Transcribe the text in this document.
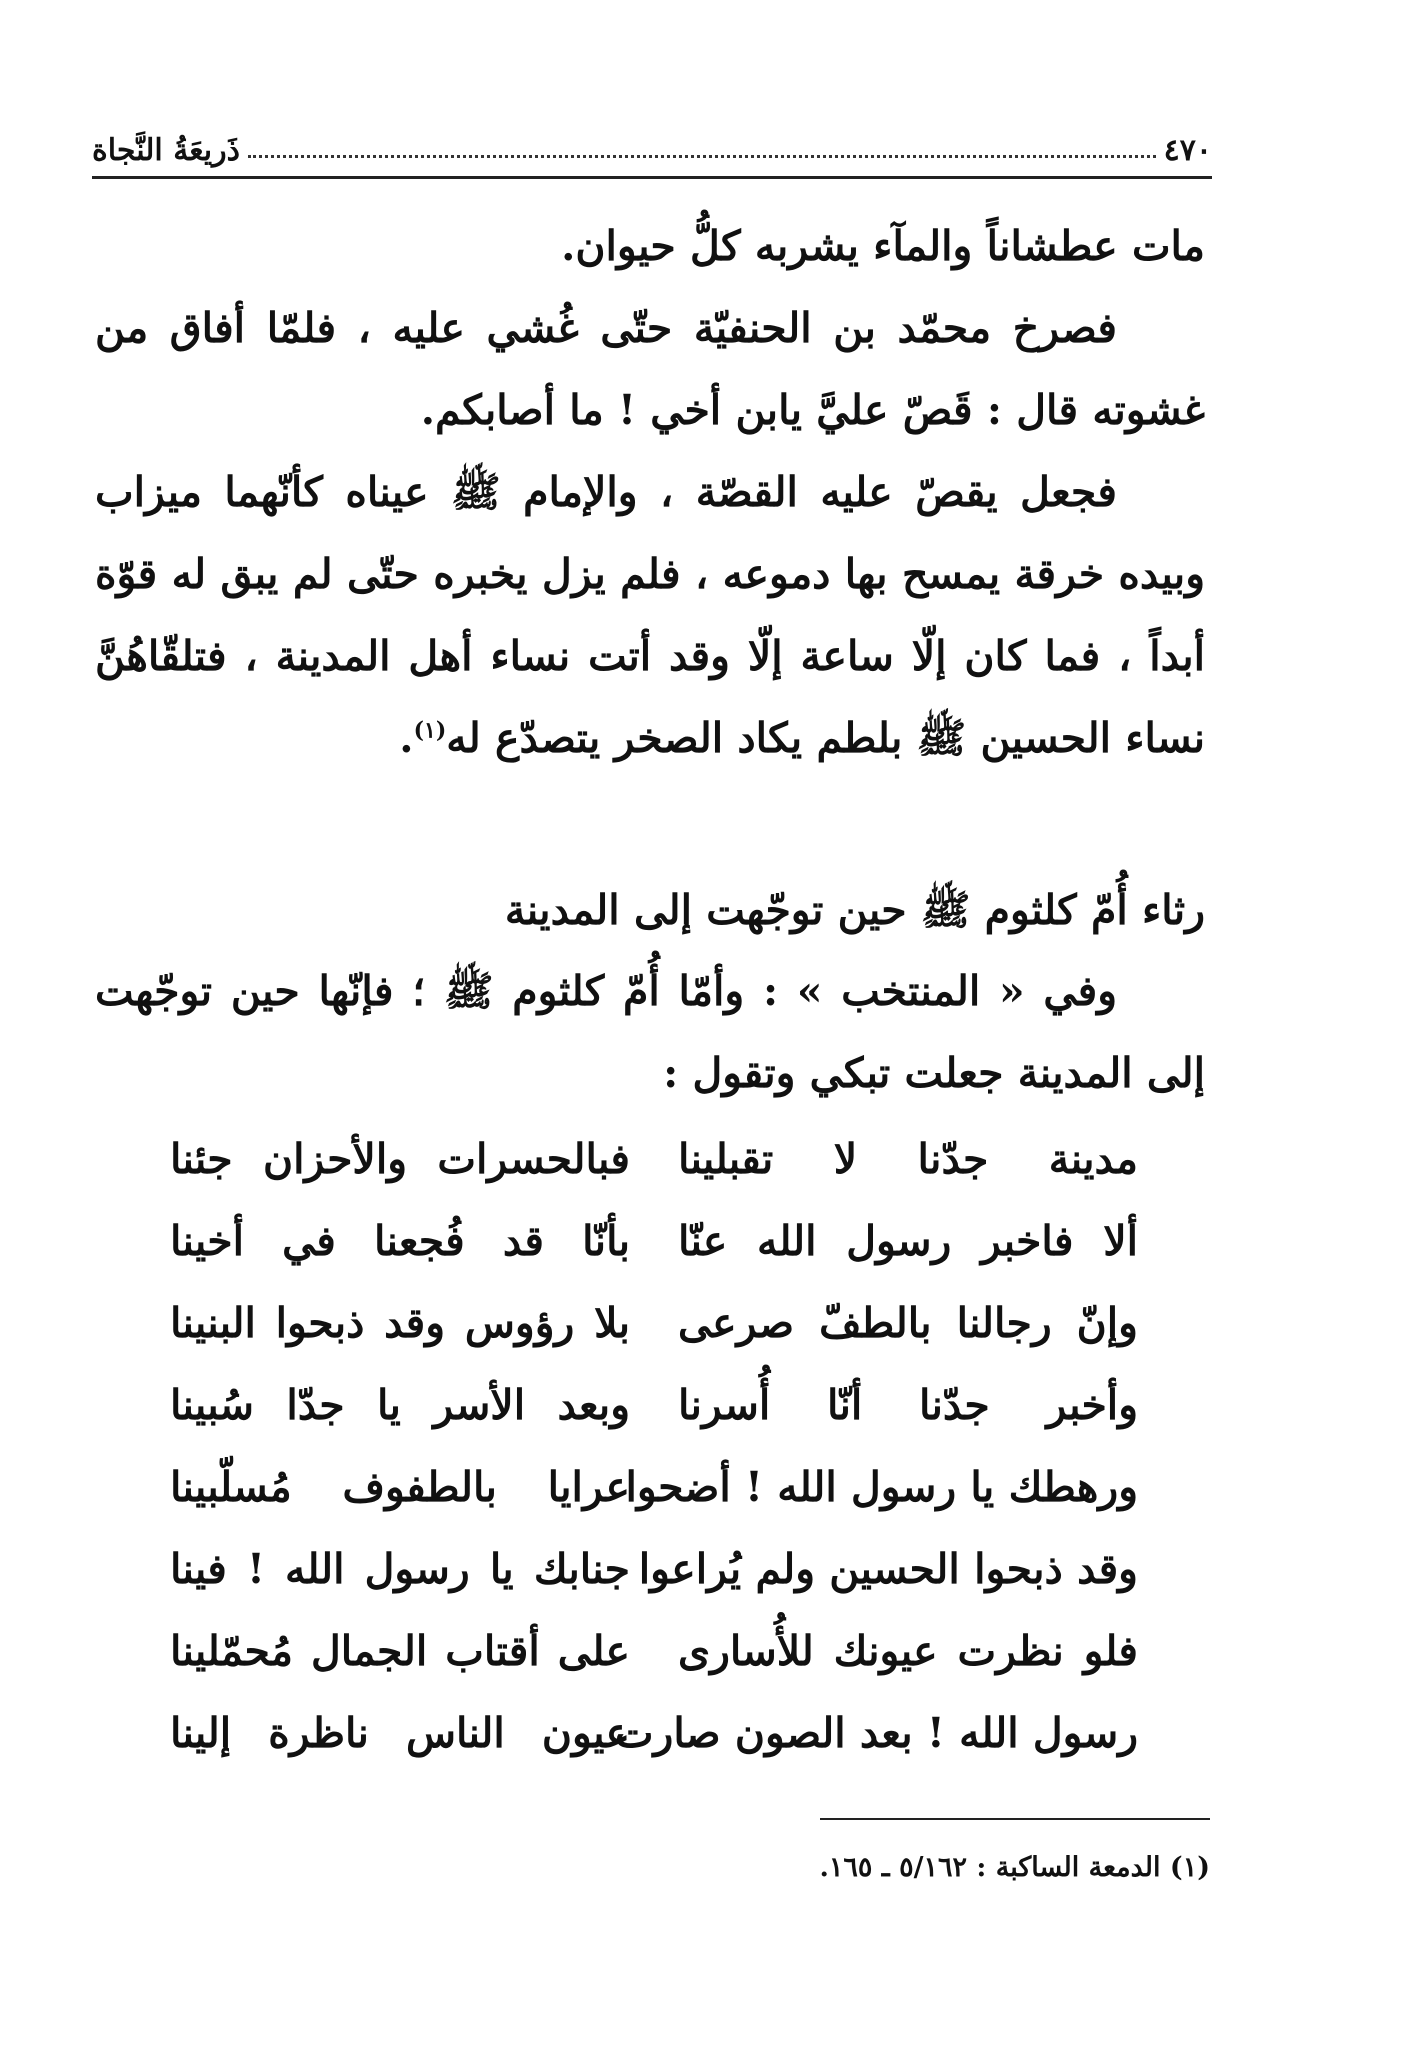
٤٧٠
ذَريعَةُ النَّجاة

مات عطشاناً والمآء يشربه كلُّ حيوان.

فصرخ محمّد بن الحنفيّة حتّى غُشي عليه ، فلمّا أفاق من غشوته قال : قَصّ عليَّ يابن أخي ! ما أصابكم.

فجعل يقصّ عليه القصّة ، والإمام ﷺ عيناه كأنّهما ميزاب وبيده خرقة يمسح بها دموعه ، فلم يزل يخبره حتّى لم يبق له قوّة أبداً ، فما كان إلّا ساعة إلّا وقد أتت نساء أهل المدينة ، فتلقّاهُنَّ نساء الحسين ﷺ بلطم يكاد الصخر يتصدّع له$^{(١)}$.

رثاء أُمّ كلثوم ﷺ حين توجّهت إلى المدينة

وفي « المنتخب » : وأمّا أُمّ كلثوم ﷺ ؛ فإنّها حين توجّهت إلى المدينة جعلت تبكي وتقول :

مدينة جدّنا لا تقبلينا
فبالحسرات والأحزان جئنا
ألا فاخبر رسول الله عنّا
بأنّا قد فُجعنا في أخينا
وإنّ رجالنا بالطفّ صرعى
بلا رؤوس وقد ذبحوا البنينا
وأخبر جدّنا أنّا أُسرنا
وبعد الأسر يا جدّا سُبينا
ورهطك يا رسول الله ! أضحوا
عرايا بالطفوف مُسلّبينا
وقد ذبحوا الحسين ولم يُراعوا
جنابك يا رسول الله ! فينا
فلو نظرت عيونك للأُسارى
على أقتاب الجمال مُحمّلينا
رسول الله ! بعد الصون صارت
عيون الناس ناظرة إلينا
(١) الدمعة الساكبة : ٥/١٦٢ ـ ١٦٥.
